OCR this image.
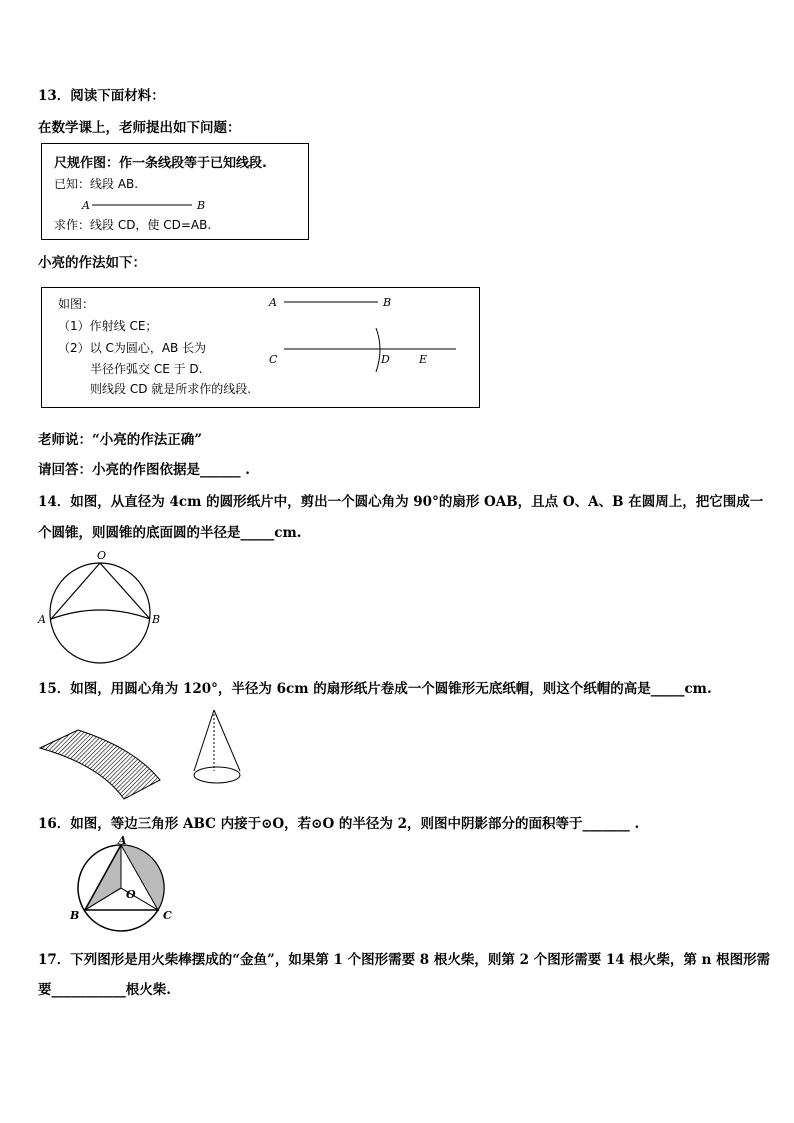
13．阅读下面材料：
在数学课上，老师提出如下问题：
尺规作图：作一条线段等于已知线段.
已知：线段 AB.
A	B
求作：线段 CD，使 CD=AB.
小亮的作法如下：
如图：
（1）作射线 CE；
（2）以 C为圆心，AB 长为
半径作弧交 CE 于 D.
则线段 CD 就是所求作的线段.
A	B
C	D	E
老师说：“小亮的作法正确”
请回答：小亮的作图依据是______ .
14．如图，从直径为 4cm 的圆形纸片中，剪出一个圆心角为 90°的扇形 OAB，且点 O、A、B 在圆周上，把它围成一
个圆锥，则圆锥的底面圆的半径是_____cm.
O
A	B
15．如图，用圆心角为 120°，半径为 6cm 的扇形纸片卷成一个圆锥形无底纸帽，则这个纸帽的高是_____cm.
16．如图，等边三角形 ABC 内接于⊙O，若⊙O 的半径为 2，则图中阴影部分的面积等于_______ .
A
B	C
O
17．下列图形是用火柴棒摆成的“金鱼”，如果第 1 个图形需要 8 根火柴，则第 2 个图形需要 14 根火柴，第 n 根图形需
要___________根火柴.
